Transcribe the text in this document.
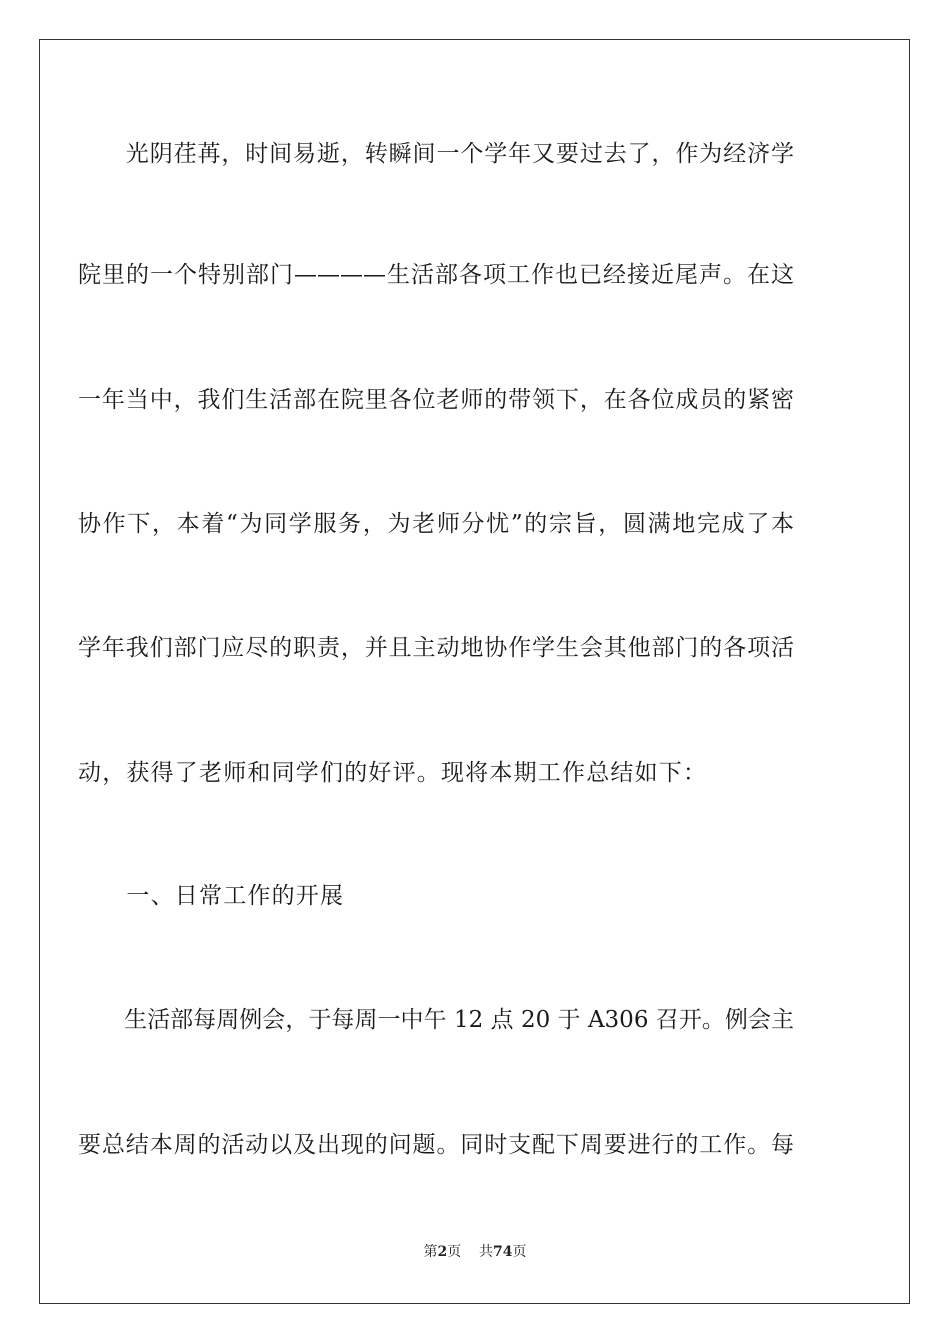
　　光阴荏苒，时间易逝，转瞬间一个学年又要过去了，作为经济学
院里的一个特别部门————生活部各项工作也已经接近尾声。在这
一年当中，我们生活部在院里各位老师的带领下，在各位成员的紧密
协作下，本着“为同学服务，为老师分忧”的宗旨，圆满地完成了本
学年我们部门应尽的职责，并且主动地协作学生会其他部门的各项活
动，获得了老师和同学们的好评。现将本期工作总结如下：
　　一、日常工作的开展
　　生活部每周例会，于每周一中午 12 点 20 于 A306 召开。例会主
要总结本周的活动以及出现的问题。同时支配下周要进行的工作。每
第2页 共74页
